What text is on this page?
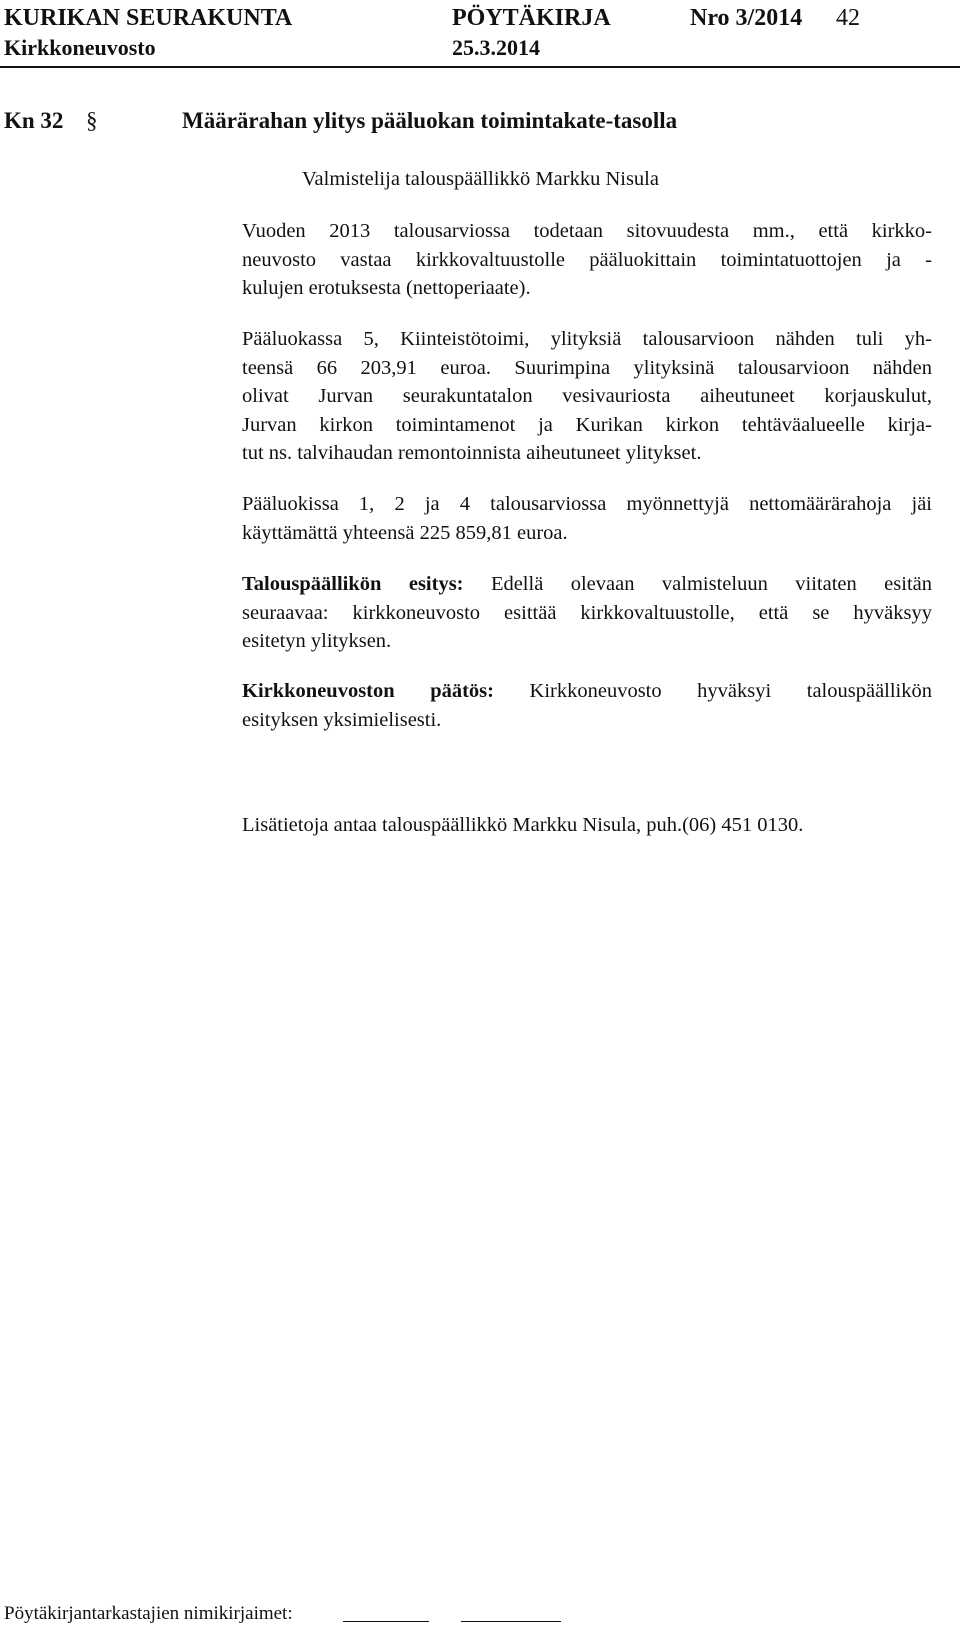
KURIKAN SEURAKUNTA	PÖYTÄKIRJA	Nro 3/2014 42
Kirkkoneuvosto	25.3.2014
Kn 32 §	Määrärahan ylitys pääluokan toimintakate-tasolla
Valmistelija talouspäällikkö Markku Nisula
Vuoden 2013 talousarviossa todetaan sitovuudesta mm., että kirkko-
neuvosto vastaa kirkkovaltuustolle pääluokittain toimintatuottojen ja -
kulujen erotuksesta (nettoperiaate).
Pääluokassa 5, Kiinteistötoimi, ylityksiä talousarvioon nähden tuli yh-
teensä 66 203,91 euroa. Suurimpina ylityksinä talousarvioon nähden
olivat Jurvan seurakuntatalon vesivauriosta aiheutuneet korjauskulut,
Jurvan kirkon toimintamenot ja Kurikan kirkon tehtäväalueelle kirja-
tut ns. talvihaudan remontoinnista aiheutuneet ylitykset.
Pääluokissa 1, 2 ja 4 talousarviossa myönnettyjä nettomäärärahoja jäi
käyttämättä yhteensä 225 859,81 euroa.
Talouspäällikön esitys: Edellä olevaan valmisteluun viitaten esitän
seuraavaa: kirkkoneuvosto esittää kirkkovaltuustolle, että se hyväksyy
esitetyn ylityksen.
Kirkkoneuvoston päätös: Kirkkoneuvosto hyväksyi talouspäällikön
esityksen yksimielisesti.
Lisätietoja antaa talouspäällikkö Markku Nisula, puh.(06) 451 0130.
Pöytäkirjantarkastajien nimikirjaimet:
